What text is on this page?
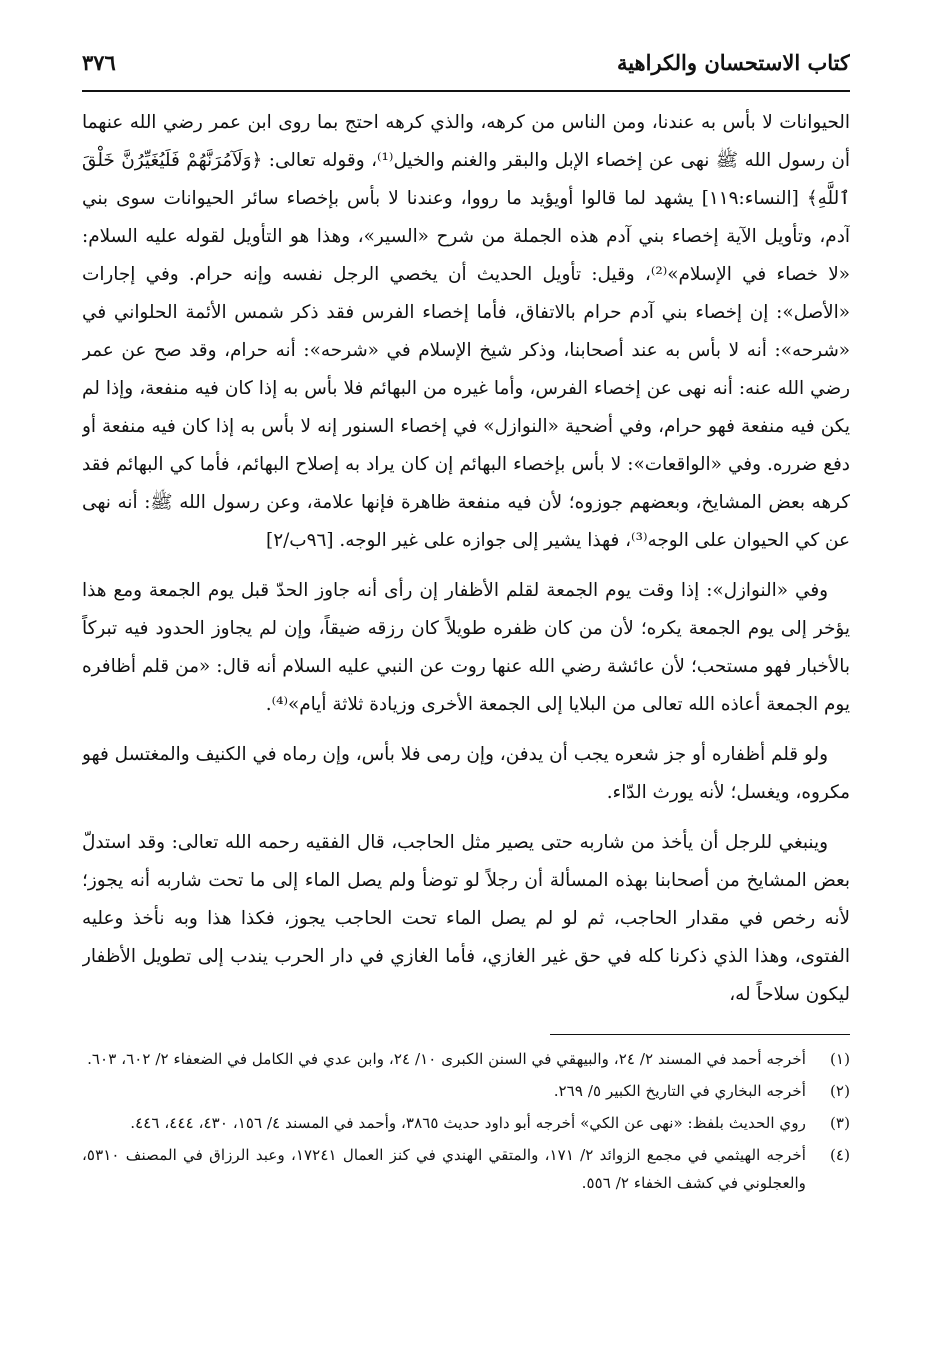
كتاب الاستحسان والكراهية
٣٧٦

الحيوانات لا بأس به عندنا، ومن الناس من كرهه، والذي كرهه احتج بما روى ابن عمر رضي الله عنهما أن رسول الله ﷺ نهى عن إخصاء الإبل والبقر والغنم والخيل⁽¹⁾، وقوله تعالى: ﴿وَلَآمُرَنَّهُمْ فَلَيُغَيِّرُنَّ خَلْقَ ٱللَّهِ﴾ [النساء:١١٩] يشهد لما قالوا أويؤيد ما رووا، وعندنا لا بأس بإخصاء سائر الحيوانات سوى بني آدم، وتأويل الآية إخصاء بني آدم هذه الجملة من شرح «السير»، وهذا هو التأويل لقوله عليه السلام: «لا خصاء في الإسلام»⁽²⁾، وقيل: تأويل الحديث أن يخصي الرجل نفسه وإنه حرام. وفي إجارات «الأصل»: إن إخصاء بني آدم حرام بالاتفاق، فأما إخصاء الفرس فقد ذكر شمس الأئمة الحلواني في «شرحه»: أنه لا بأس به عند أصحابنا، وذكر شيخ الإسلام في «شرحه»: أنه حرام، وقد صح عن عمر رضي الله عنه: أنه نهى عن إخصاء الفرس، وأما غيره من البهائم فلا بأس به إذا كان فيه منفعة، وإذا لم يكن فيه منفعة فهو حرام، وفي أضحية «النوازل» في إخصاء السنور إنه لا بأس به إذا كان فيه منفعة أو دفع ضرره. وفي «الواقعات»: لا بأس بإخصاء البهائم إن كان يراد به إصلاح البهائم، فأما كي البهائم فقد كرهه بعض المشايخ، وبعضهم جوزوه؛ لأن فيه منفعة ظاهرة فإنها علامة، وعن رسول الله ﷺ: أنه نهى عن كي الحيوان على الوجه⁽³⁾، فهذا يشير إلى جوازه على غير الوجه. [٩٦ب/٢]

وفي «النوازل»: إذا وقت يوم الجمعة لقلم الأظفار إن رأى أنه جاوز الحدّ قبل يوم الجمعة ومع هذا يؤخر إلى يوم الجمعة يكره؛ لأن من كان ظفره طويلاً كان رزقه ضيقاً، وإن لم يجاوز الحدود فيه تبركاً بالأخبار فهو مستحب؛ لأن عائشة رضي الله عنها روت عن النبي عليه السلام أنه قال: «من قلم أظافره يوم الجمعة أعاذه الله تعالى من البلايا إلى الجمعة الأخرى وزيادة ثلاثة أيام»⁽⁴⁾.

ولو قلم أظفاره أو جز شعره يجب أن يدفن، وإن رمى فلا بأس، وإن رماه في الكنيف والمغتسل فهو مكروه، ويغسل؛ لأنه يورث الدّاء.

وينبغي للرجل أن يأخذ من شاربه حتى يصير مثل الحاجب، قال الفقيه رحمه الله تعالى: وقد استدلّ بعض المشايخ من أصحابنا بهذه المسألة أن رجلاً لو توضأ ولم يصل الماء إلى ما تحت شاربه أنه يجوز؛ لأنه رخص في مقدار الحاجب، ثم لو لم يصل الماء تحت الحاجب يجوز، فكذا هذا وبه نأخذ وعليه الفتوى، وهذا الذي ذكرنا كله في حق غير الغازي، فأما الغازي في دار الحرب يندب إلى تطويل الأظفار ليكون سلاحاً له،

(١)
أخرجه أحمد في المسند ٢/ ٢٤، والبيهقي في السنن الكبرى ١٠/ ٢٤، وابن عدي في الكامل في الضعفاء ٢/ ٦٠٢، ٦٠٣.
(٢)
أخرجه البخاري في التاريخ الكبير ٥/ ٢٦٩.
(٣)
روي الحديث بلفظ: «نهى عن الكي» أخرجه أبو داود حديث ٣٨٦٥، وأحمد في المسند ٤/ ١٥٦، ٤٣٠، ٤٤٤، ٤٤٦.
(٤)
أخرجه الهيثمي في مجمع الزوائد ٢/ ١٧١، والمتقي الهندي في كنز العمال ١٧٢٤١، وعبد الرزاق في المصنف ٥٣١٠، والعجلوني في كشف الخفاء ٢/ ٥٥٦.
